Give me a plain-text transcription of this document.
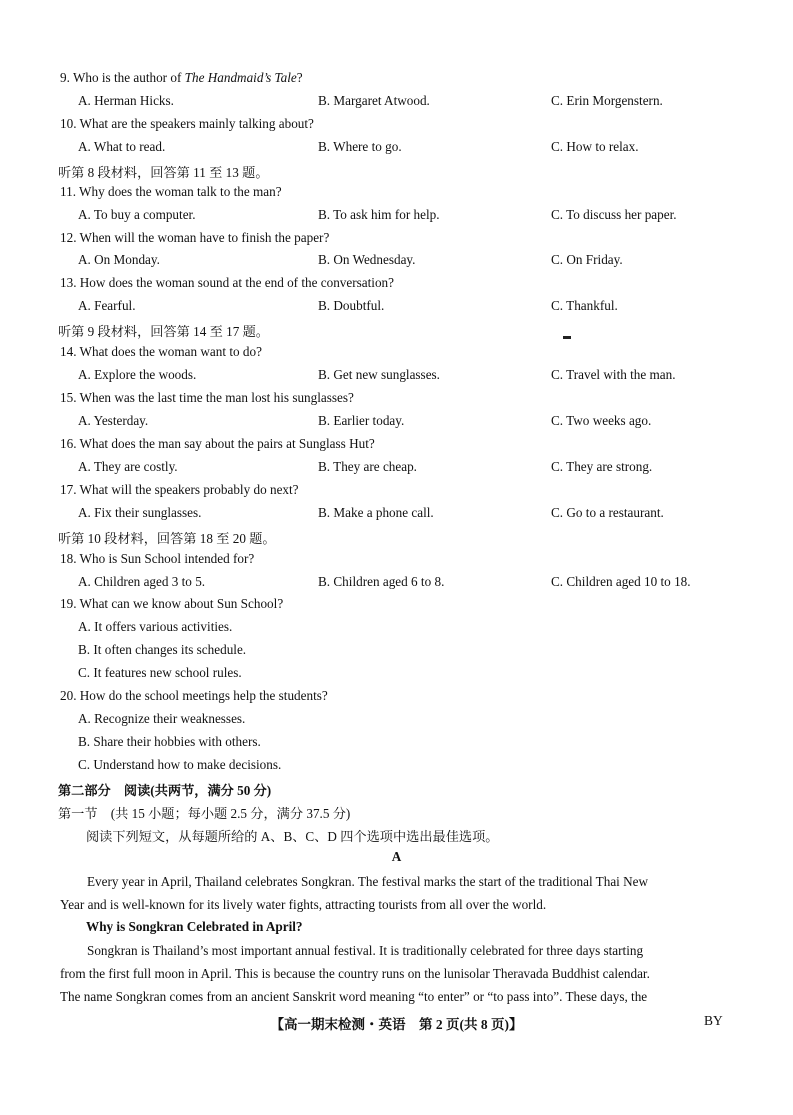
9. Who is the author of The Handmaid’s Tale?
A. Herman Hicks.	B. Margaret Atwood.	C. Erin Morgenstern.
10. What are the speakers mainly talking about?
A. What to read.	B. Where to go.	C. How to relax.
听第 8 段材料，回答第 11 至 13 题。
11. Why does the woman talk to the man?
A. To buy a computer.	B. To ask him for help.	C. To discuss her paper.
12. When will the woman have to finish the paper?
A. On Monday.	B. On Wednesday.	C. On Friday.
13. How does the woman sound at the end of the conversation?
A. Fearful.	B. Doubtful.	C. Thankful.
听第 9 段材料，回答第 14 至 17 题。
14. What does the woman want to do?
A. Explore the woods.	B. Get new sunglasses.	C. Travel with the man.
15. When was the last time the man lost his sunglasses?
A. Yesterday.	B. Earlier today.	C. Two weeks ago.
16. What does the man say about the pairs at Sunglass Hut?
A. They are costly.	B. They are cheap.	C. They are strong.
17. What will the speakers probably do next?
A. Fix their sunglasses.	B. Make a phone call.	C. Go to a restaurant.
听第 10 段材料，回答第 18 至 20 题。
18. Who is Sun School intended for?
A. Children aged 3 to 5.	B. Children aged 6 to 8.	C. Children aged 10 to 18.
19. What can we know about Sun School?
A. It offers various activities.
B. It often changes its schedule.
C. It features new school rules.
20. How do the school meetings help the students?
A. Recognize their weaknesses.
B. Share their hobbies with others.
C. Understand how to make decisions.
第二部分　阅读(共两节，满分 50 分)
第一节　(共 15 小题；每小题 2.5 分，满分 37.5 分)
阅读下列短文，从每题所给的 A、B、C、D 四个选项中选出最佳选项。
A
Every year in April, Thailand celebrates Songkran. The festival marks the start of the traditional Thai New
Year and is well-known for its lively water fights, attracting tourists from all over the world.
Why is Songkran Celebrated in April?
Songkran is Thailand’s most important annual festival. It is traditionally celebrated for three days starting
from the first full moon in April. This is because the country runs on the lunisolar Theravada Buddhist calendar.
The name Songkran comes from an ancient Sanskrit word meaning “to enter” or “to pass into”. These days, the
【高一期末检测・英语　第 2 页(共 8 页)】	BY
